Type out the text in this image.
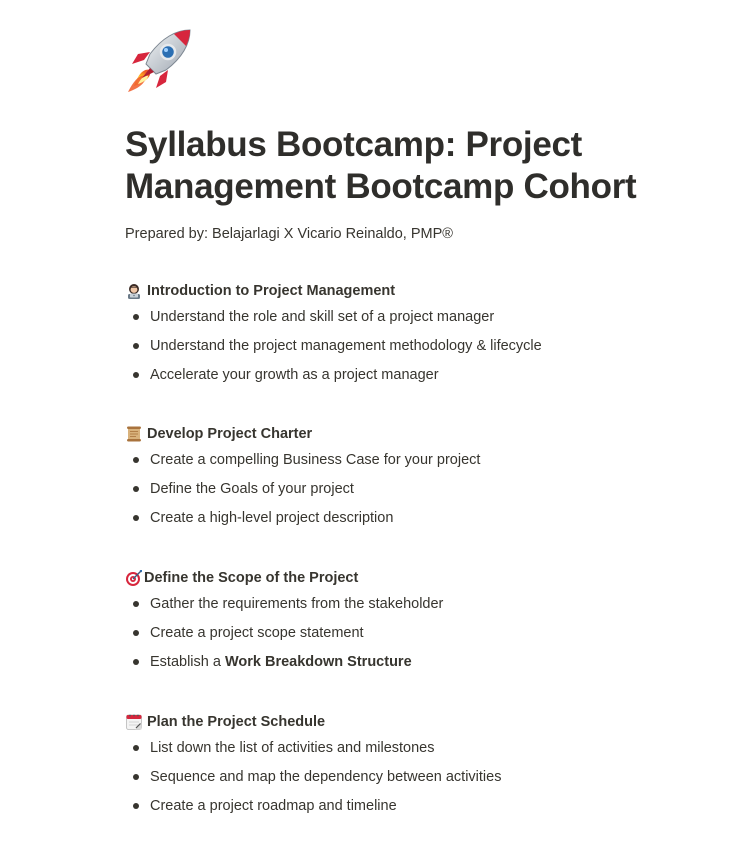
Syllabus Bootcamp: Project Management Bootcamp Cohort

Prepared by: Belajarlagi X Vicario Reinaldo, PMP®

Introduction to Project Management
Understand the role and skill set of a project manager
Understand the project management methodology & lifecycle
Accelerate your growth as a project manager
Develop Project Charter
Create a compelling Business Case for your project
Define the Goals of your project
Create a high-level project description
Define the Scope of the Project
Gather the requirements from the stakeholder
Create a project scope statement
Establish a Work Breakdown Structure
Plan the Project Schedule
List down the list of activities and milestones
Sequence and map the dependency between activities
Create a project roadmap and timeline
